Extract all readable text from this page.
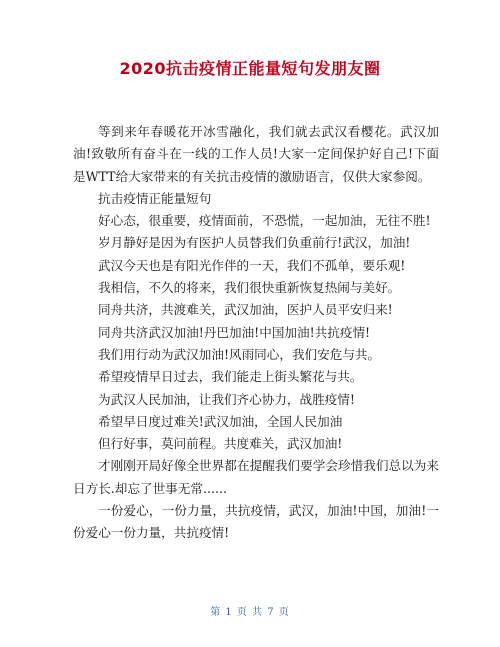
2020抗击疫情正能量短句发朋友圈

等到来年春暖花开冰雪融化，我们就去武汉看樱花。武汉加油!致敬所有奋斗在一线的工作人员!大家一定间保护好自己!下面是WTT给大家带来的有关抗击疫情的激励语言，仅供大家参阅。

抗击疫情正能量短句

好心态，很重要，疫情面前，不恐慌，一起加油，无往不胜!

岁月静好是因为有医护人员替我们负重前行!武汉，加油!

武汉今天也是有阳光作伴的一天，我们不孤单，要乐观!

我相信，不久的将来，我们很快重新恢复热闹与美好。

同舟共济，共渡难关，武汉加油，医护人员平安归来!

同舟共济武汉加油!丹巴加油!中国加油!共抗疫情!

我们用行动为武汉加油!风雨同心，我们安危与共。

希望疫情早日过去，我们能走上街头繁花与共。

为武汉人民加油，让我们齐心协力，战胜疫情!

希望早日度过难关!武汉加油，全国人民加油

但行好事，莫问前程。共度难关，武汉加油!

才刚刚开局好像全世界都在提醒我们要学会珍惜我们总以为来日方长.却忘了世事无常......

一份爱心，一份力量，共抗疫情，武汉，加油!中国，加油!一份爱心一份力量，共抗疫情!

第 1 页 共 7 页
